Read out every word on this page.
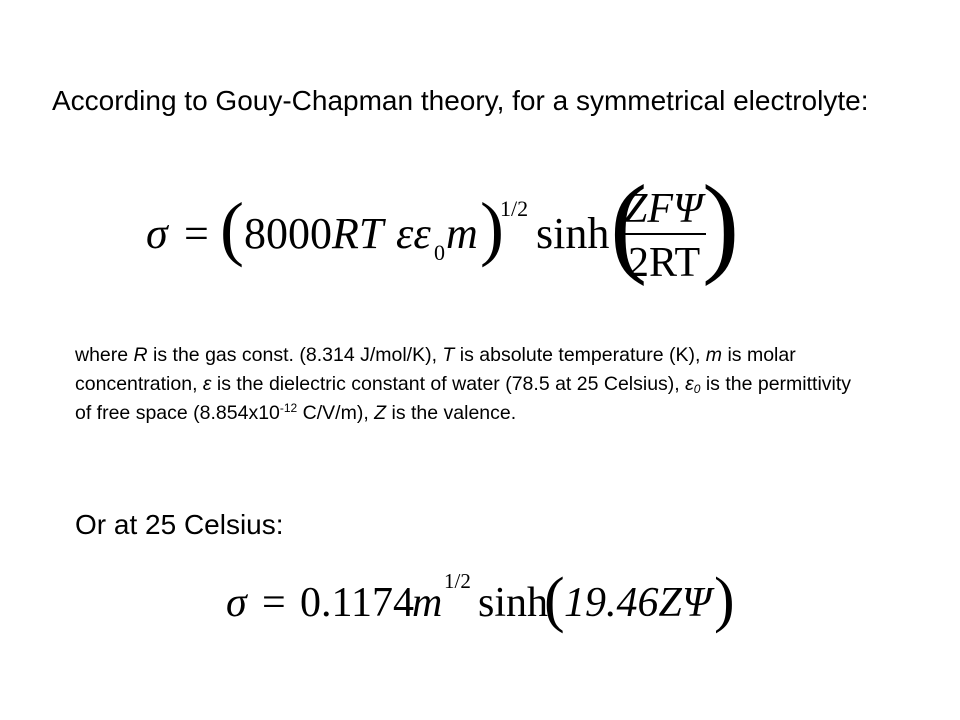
According to Gouy-Chapman theory, for a symmetrical electrolyte:

σ = ( 8000 RT εε 0 m )
1/2
sinh (
ZFΨ
2RT )

where R is the gas const. (8.314 J/mol/K), T is absolute temperature (K), m is molar concentration, ε is the dielectric constant of water (78.5 at 25 Celsius), $\varepsilon_0$ is the permittivity of free space ($8.854x10^{-12}$ C/V/m), Z is the valence.

Or at 25 Celsius:

σ = 0.1174
m 1/2 sinh
( 19.46ZΨ )
